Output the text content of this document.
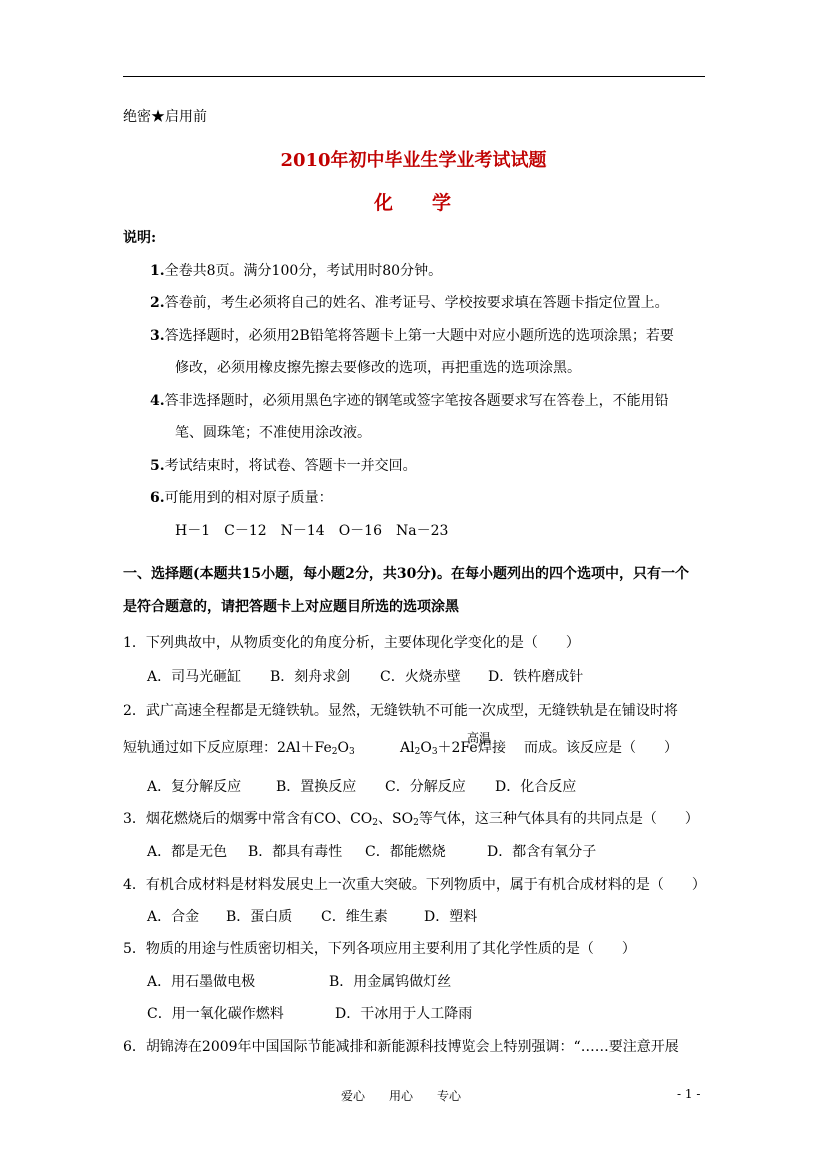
绝密★启用前
2010年初中毕业生学业考试试题
化 学
说明:
1.全卷共8页。满分100分，考试用时80分钟。
2.答卷前，考生必须将自己的姓名、准考证号、学校按要求填在答题卡指定位置上。
3.答选择题时，必须用2B铅笔将答题卡上第一大题中对应小题所选的选项涂黑；若要
修改，必须用橡皮擦先擦去要修改的选项，再把重选的选项涂黑。
4.答非选择题时，必须用黑色字迹的钢笔或签字笔按各题要求写在答卷上，不能用铅
笔、圆珠笔；不准使用涂改液。
5.考试结束时，将试卷、答题卡一并交回。
6.可能用到的相对原子质量：
H－1　C－12　N－14　O－16　Na－23
一、选择题(本题共15小题，每小题2分，共30分)。在每小题列出的四个选项中，只有一个
是符合题意的，请把答题卡上对应题目所选的选项涂黑
1．下列典故中，从物质变化的角度分析，主要体现化学变化的是（　　）
A．司马光砸缸 B．刻舟求剑 C．火烧赤壁 D．铁杵磨成针
2．武广高速全程都是无缝铁轨。显然，无缝铁轨不可能一次成型，无缝铁轨是在铺设时将
短轨通过如下反应原理：$2Al+Fe_2O_3$	$Al_2O_3+2Fe$
高温
焊接 而成。该反应是（　　）
A．复分解反应 B．置换反应 C．分解反应 D．化合反应
3．烟花燃烧后的烟雾中常含有CO、$CO_2$、$SO_2$等气体，这三种气体具有的共同点是（　　）
A．都是无色 B．都具有毒性 C．都能燃烧	D．都含有氧分子
4．有机合成材料是材料发展史上一次重大突破。下列物质中，属于有机合成材料的是（　　）
A．合金 B．蛋白质 C．维生素	D．塑料
5．物质的用途与性质密切相关，下列各项应用主要利用了其化学性质的是（　　）
A．用石墨做电极	B．用金属钨做灯丝
C．用一氧化碳作燃料	D．干冰用于人工降雨
6．胡锦涛在2009年中国国际节能减排和新能源科技博览会上特别强调：“……要注意开展
爱心　　用心　　专心	- 1 -
